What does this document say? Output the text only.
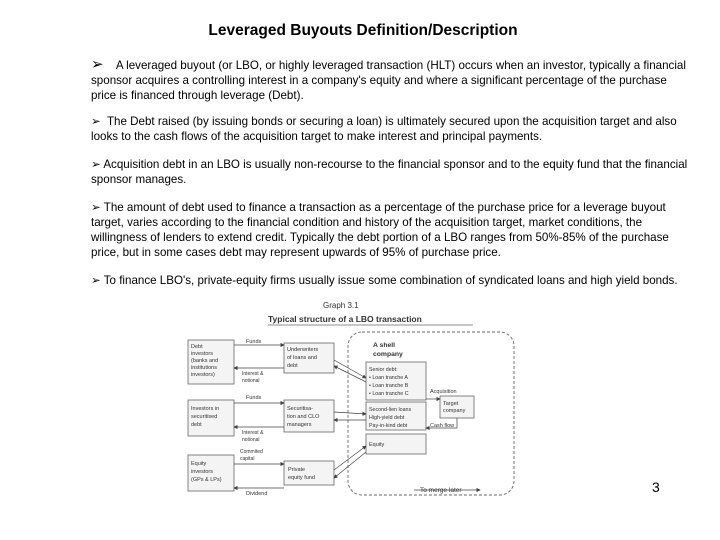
Leveraged Buyouts Definition/Description
➢ A leveraged buyout (or LBO, or highly leveraged transaction (HLT) occurs when an investor, typically a financial sponsor acquires a controlling interest in a company's equity and where a significant percentage of the purchase price is financed through leverage (Debt).
➢ The Debt raised (by issuing bonds or securing a loan) is ultimately secured upon the acquisition target and also looks to the cash flows of the acquisition target to make interest and principal payments.
➢ Acquisition debt in an LBO is usually non-recourse to the financial sponsor and to the equity fund that the financial sponsor manages.
➢ The amount of debt used to finance a transaction as a percentage of the purchase price for a leverage buyout target, varies according to the financial condition and history of the acquisition target, market conditions, the willingness of lenders to extend credit. Typically the debt portion of a LBO ranges from 50%-85% of the purchase price, but in some cases debt may represent upwards of 95% of purchase price.
➢ To finance LBO's, private-equity firms usually issue some combination of syndicated loans and high yield bonds.
Graph 3.1
Typical structure of a LBO transaction
Debt investors (banks and institutions investors)
Investors in securitised debt
Equity investors (GPs & LPs)
Underwriters of loans and debt
Securitisa- tion and CLO managers
Private equity fund
A shell company
Senior debt: • Loan tranche A • Loan tranche B • Loan tranche C
Second-lien loans High-yield debt Pay-in-kind debt
Equity
Target company
Funds
Interest & notional
Funds
Interest & notional
Commited capital
Dividend
Acquisition
Cash flow
To merge later	3
